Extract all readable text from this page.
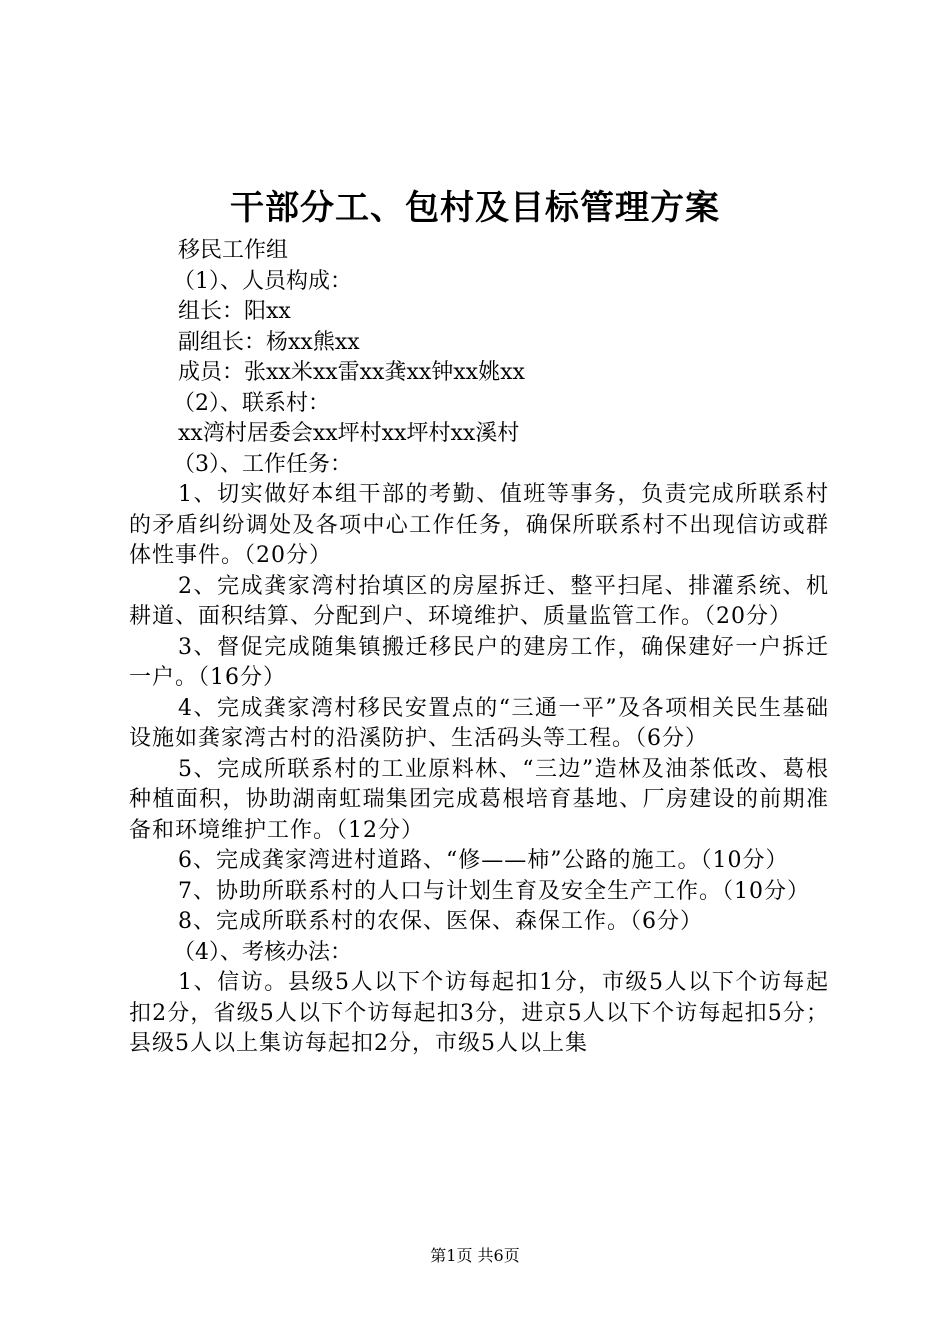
干部分工、包村及目标管理方案
移民工作组
（1）、人员构成：
组长：阳xx
副组长：杨xx熊xx
成员：张xx米xx雷xx龚xx钟xx姚xx
（2）、联系村：
xx湾村居委会xx坪村xx坪村xx溪村
（3）、工作任务：

1、切实做好本组干部的考勤、值班等事务，负责完成所联系村的矛盾纠纷调处及各项中心工作任务，确保所联系村不出现信访或群体性事件。（20分）

2、完成龚家湾村抬填区的房屋拆迁、整平扫尾、排灌系统、机耕道、面积结算、分配到户、环境维护、质量监管工作。（20分）

3、督促完成随集镇搬迁移民户的建房工作，确保建好一户拆迁一户。（16分）

4、完成龚家湾村移民安置点的“三通一平”及各项相关民生基础设施如龚家湾古村的沿溪防护、生活码头等工程。（6分）

5、完成所联系村的工业原料林、“三边”造林及油茶低改、葛根种植面积，协助湖南虹瑞集团完成葛根培育基地、厂房建设的前期准备和环境维护工作。（12分）

6、完成龚家湾进村道路、“修——柿”公路的施工。（10分）

7、协助所联系村的人口与计划生育及安全生产工作。（10分）

8、完成所联系村的农保、医保、森保工作。（6分）

（4）、考核办法：

1、信访。县级5人以下个访每起扣1分，市级5人以下个访每起扣2分，省级5人以下个访每起扣3分，进京5人以下个访每起扣5分；县级5人以上集访每起扣2分，市级5人以上集

第1页 共6页
